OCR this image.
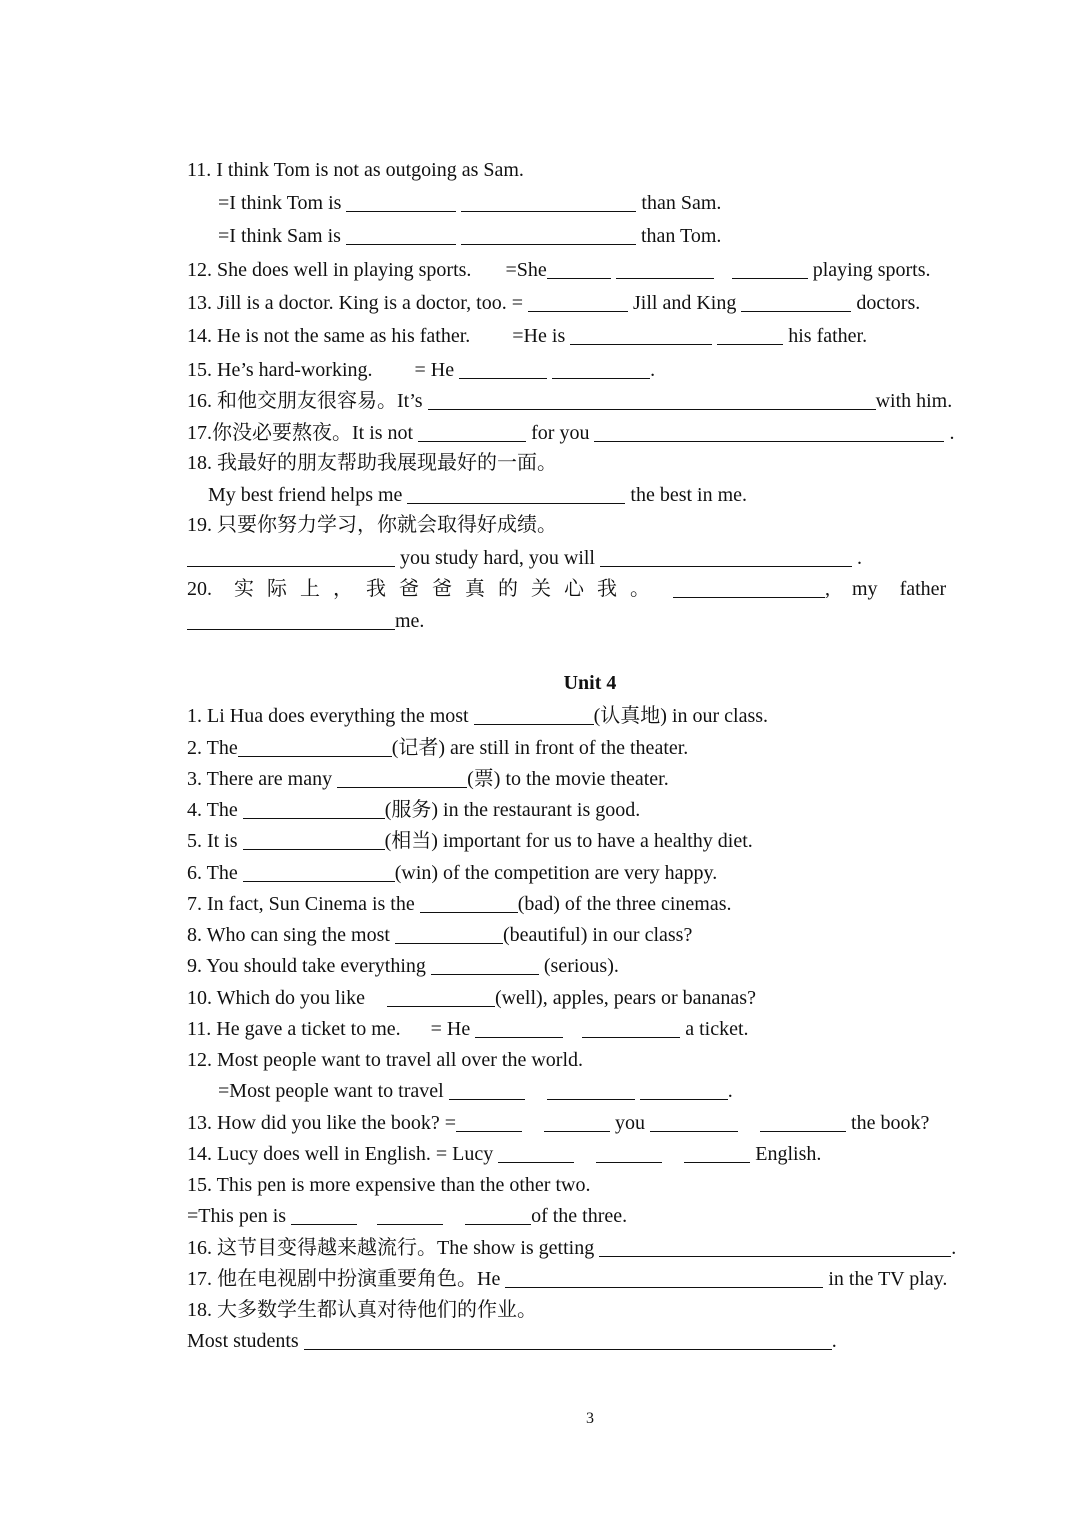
11. I think Tom is not as outgoing as Sam.
=I think Tom is	than Sam.
=I think Sam is	than Tom.
12. She does well in playing sports. =She	playing sports.
13. Jill is a doctor. King is a doctor, too. =	Jill and King	doctors.
14. He is not the same as his father. =He is	his father.
15. He’s hard-working. = He	.
16. 和他交朋友很容易。It’s	with him.
17.你没必要熬夜。It is not	for you	.
18. 我最好的朋友帮助我展现最好的一面。
My best friend helps me	the best in me.
19. 只要你努力学习，你就会取得好成绩。
you study hard, you will	.
20. 实际上，我爸爸真的关心我。	, my father
me.
Unit 4
1. Li Hua does everything the most	(认真地) in our class.
2. The	(记者) are still in front of the theater.
3. There are many	(票) to the movie theater.
4. The	(服务) in the restaurant is good.
5. It is	(相当) important for us to have a healthy diet.
6. The	(win) of the competition are very happy.
7. In fact, Sun Cinema is the	(bad) of the three cinemas.
8. Who can sing the most	(beautiful) in our class?
9. You should take everything	(serious).
10. Which do you like	(well), apples, pears or bananas?
11. He gave a ticket to me. = He	a ticket.
12. Most people want to travel all over the world.
=Most people want to travel	.
13. How did you like the book? =	you	the book?
14. Lucy does well in English. = Lucy	English.
15. This pen is more expensive than the other two.
=This pen is	of the three.
16. 这节目变得越来越流行。The show is getting	.
17. 他在电视剧中扮演重要角色。He	in the TV play.
18. 大多数学生都认真对待他们的作业。
Most students	.
3
